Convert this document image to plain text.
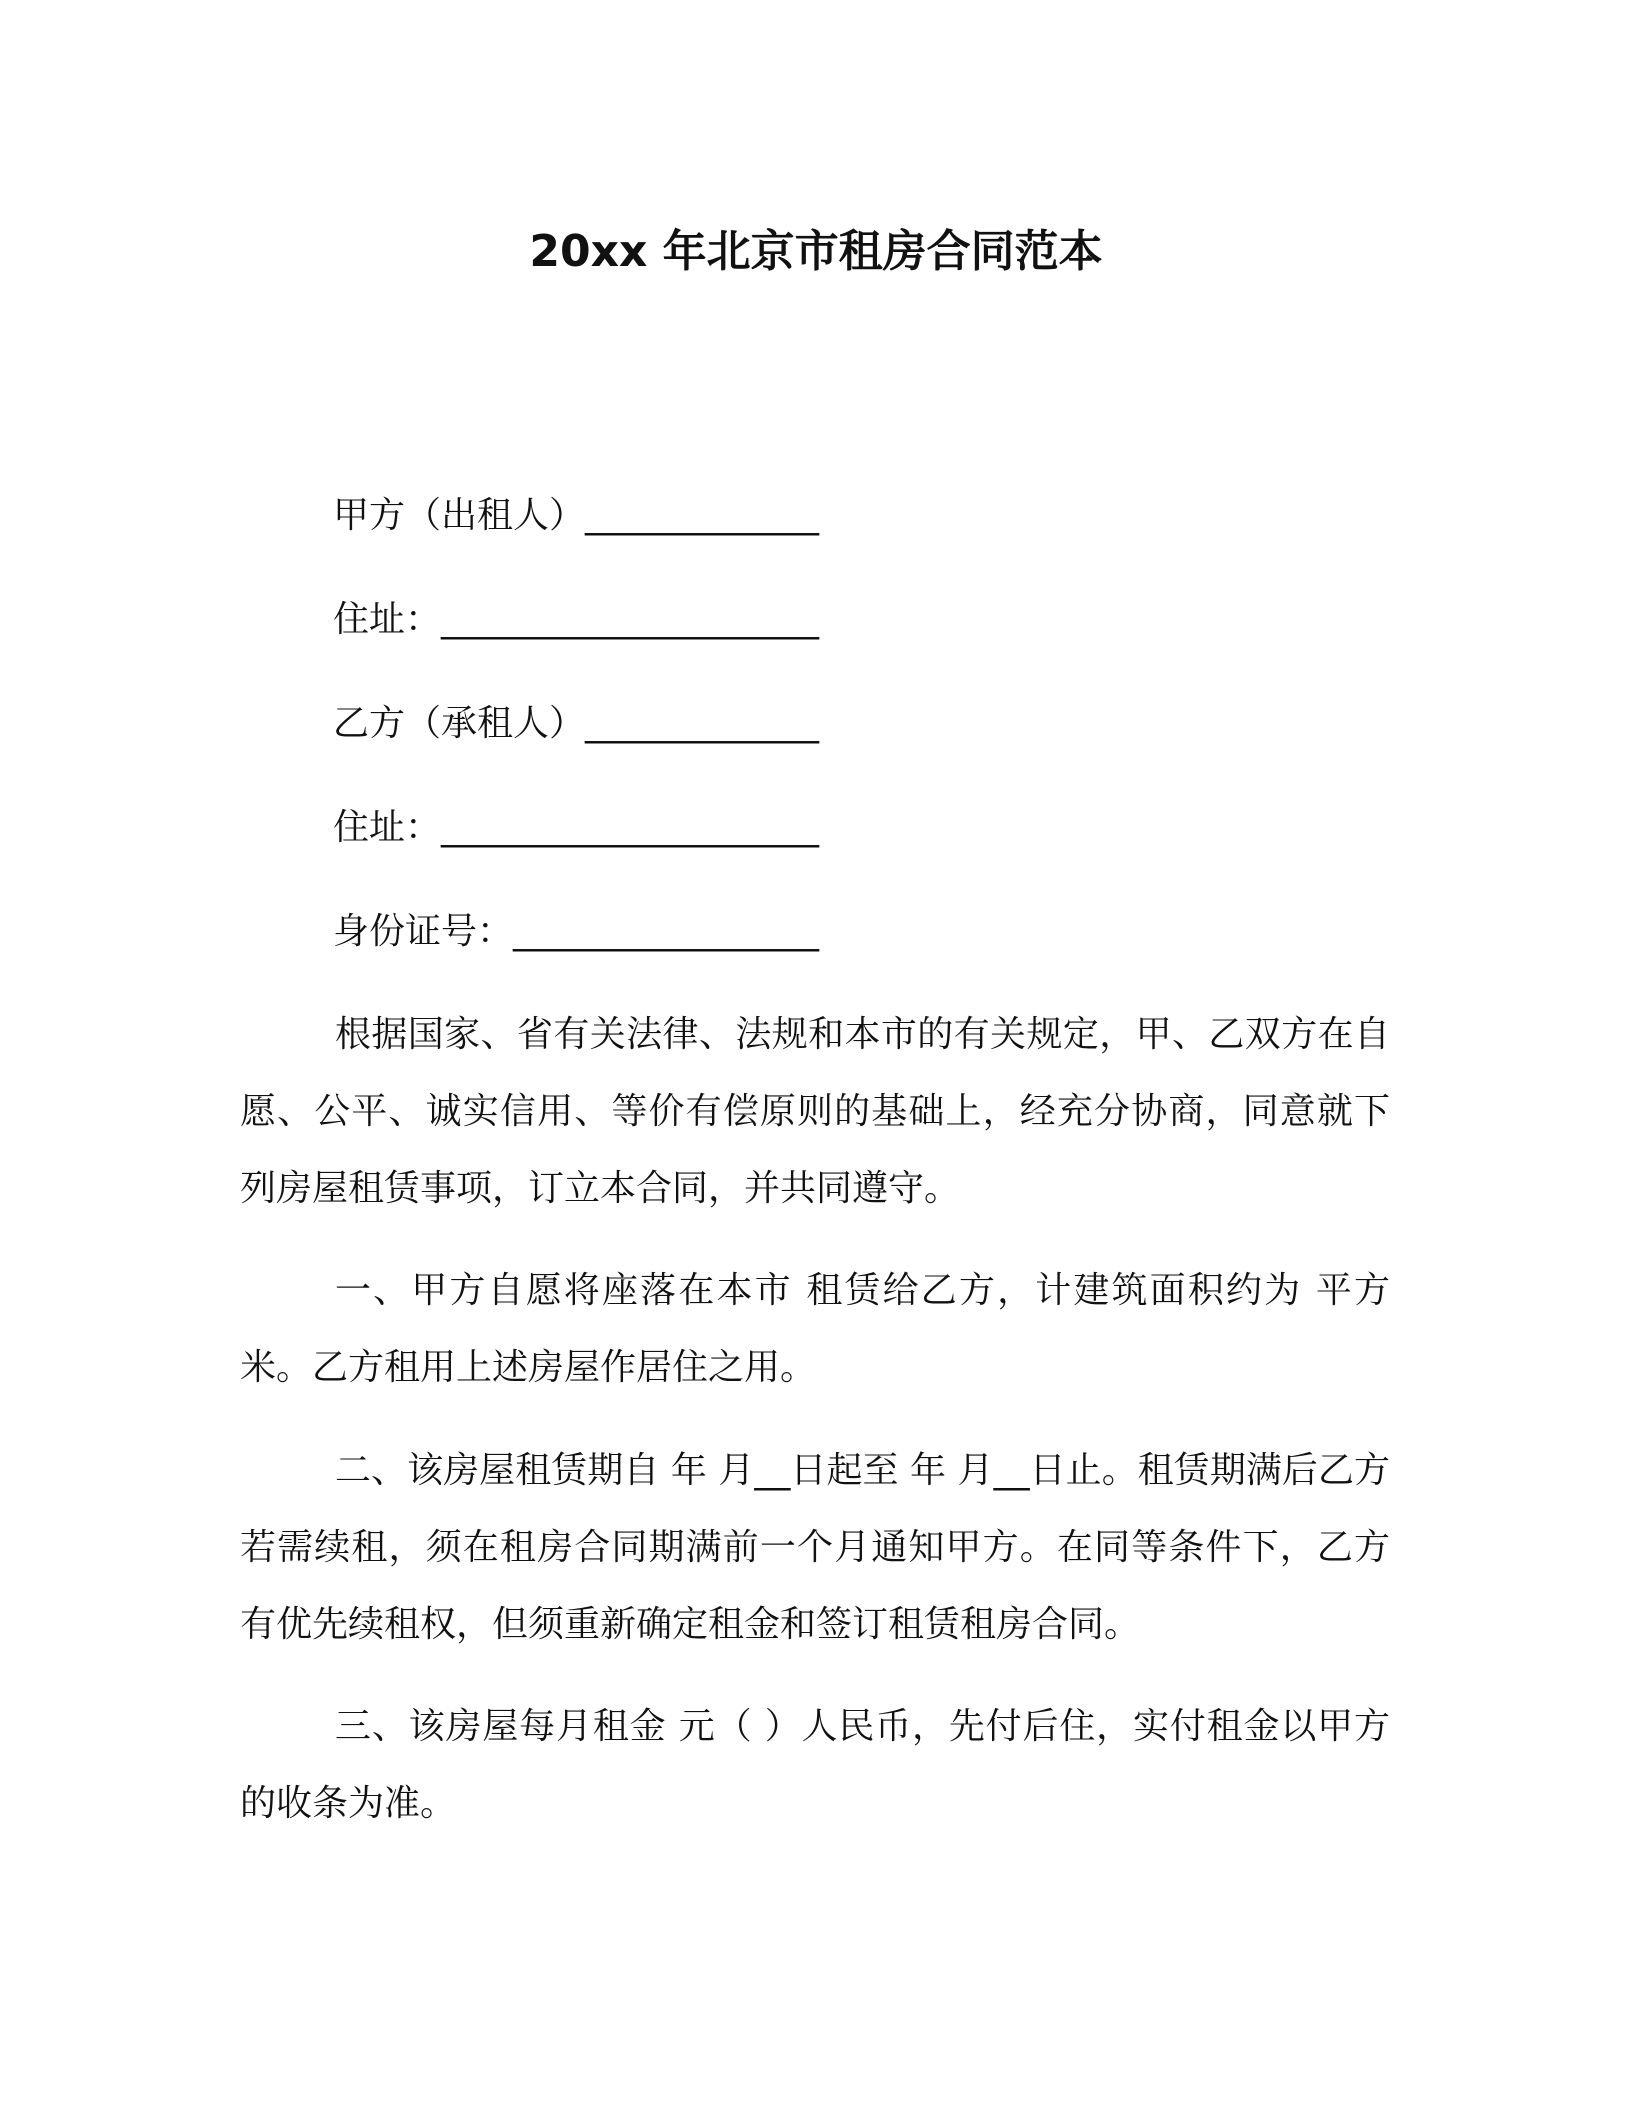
20xx 年北京市租房合同范本
甲方（出租人）_____________
住址：_____________________
乙方（承租人）_____________
住址：_____________________
身份证号：_________________

根据国家、省有关法律、法规和本市的有关规定，甲、乙双方在自愿、公平、诚实信用、等价有偿原则的基础上，经充分协商，同意就下列房屋租赁事项，订立本合同，并共同遵守。

一、甲方自愿将座落在本市 租赁给乙方，计建筑面积约为 平方米。乙方租用上述房屋作居住之用。

二、该房屋租赁期自 年 月__日起至 年 月__日止。租赁期满后乙方若需续租，须在租房合同期满前一个月通知甲方。在同等条件下，乙方有优先续租权，但须重新确定租金和签订租赁租房合同。

三、该房屋每月租金 元（ ）人民币，先付后住，实付租金以甲方的收条为准。
